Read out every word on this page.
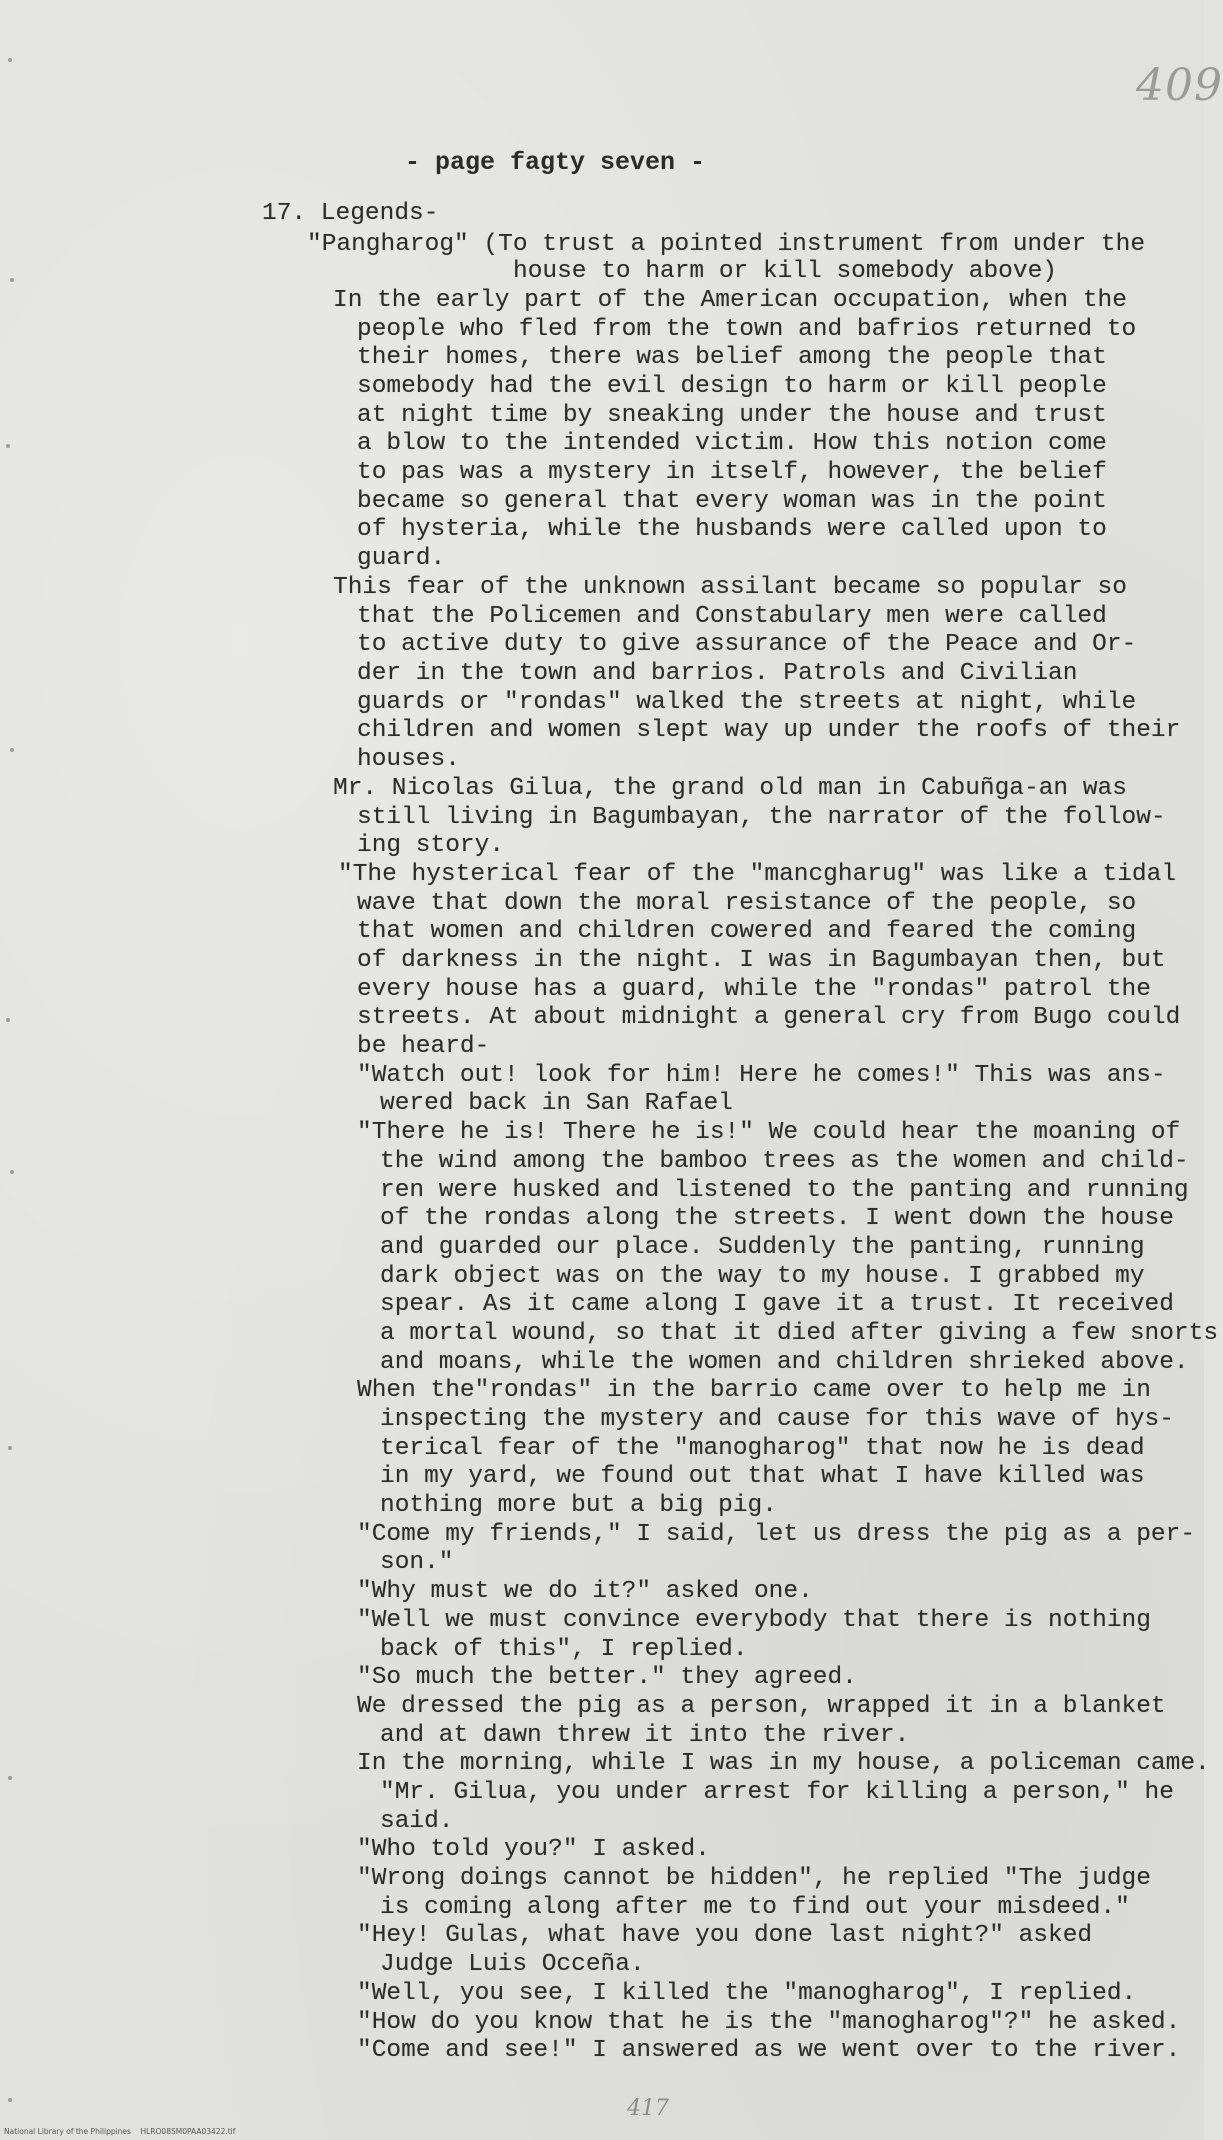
409
- page fagty seven -
17. Legends-
"Pangharog" (To trust a pointed instrument from under the
house to harm or kill somebody above)
In the early part of the American occupation, when the
people who fled from the town and bafrios returned to
their homes, there was belief among the people that
somebody had the evil design to harm or kill people
at night time by sneaking under the house and trust
a blow to the intended victim. How this notion come
to pas was a mystery in itself, however, the belief
became so general that every woman was in the point
of hysteria, while the husbands were called upon to
guard.
This fear of the unknown assilant became so popular so
that the Policemen and Constabulary men were called
to active duty to give assurance of the Peace and Or-
der in the town and barrios. Patrols and Civilian
guards or "rondas" walked the streets at night, while
children and women slept way up under the roofs of their
houses.
Mr. Nicolas Gilua, the grand old man in Cabuñga-an was
still living in Bagumbayan, the narrator of the follow-
ing story.
"The hysterical fear of the "mancgharug" was like a tidal
wave that down the moral resistance of the people, so
that women and children cowered and feared the coming
of darkness in the night. I was in Bagumbayan then, but
every house has a guard, while the "rondas" patrol the
streets. At about midnight a general cry from Bugo could
be heard-
"Watch out! look for him! Here he comes!" This was ans-
wered back in San Rafael
"There he is! There he is!" We could hear the moaning of
the wind among the bamboo trees as the women and child-
ren were husked and listened to the panting and running
of the rondas along the streets. I went down the house
and guarded our place. Suddenly the panting, running
dark object was on the way to my house. I grabbed my
spear. As it came along I gave it a trust. It received
a mortal wound, so that it died after giving a few snorts
and moans, while the women and children shrieked above.
When the"rondas" in the barrio came over to help me in
inspecting the mystery and cause for this wave of hys-
terical fear of the "manogharog" that now he is dead
in my yard, we found out that what I have killed was
nothing more but a big pig.
"Come my friends," I said, let us dress the pig as a per-
son."
"Why must we do it?" asked one.
"Well we must convince everybody that there is nothing
back of this", I replied.
"So much the better." they agreed.
We dressed the pig as a person, wrapped it in a blanket
and at dawn threw it into the river.
In the morning, while I was in my house, a policeman came.
"Mr. Gilua, you under arrest for killing a person," he
said.
"Who told you?" I asked.
"Wrong doings cannot be hidden", he replied "The judge
is coming along after me to find out your misdeed."
"Hey! Gulas, what have you done last night?" asked
Judge Luis Occeña.
"Well, you see, I killed the "manogharog", I replied.
"How do you know that he is the "manogharog"?" he asked.
"Come and see!" I answered as we went over to the river.
417
National Library of the Philippines    HLRO08SM0PAA03422.tif
